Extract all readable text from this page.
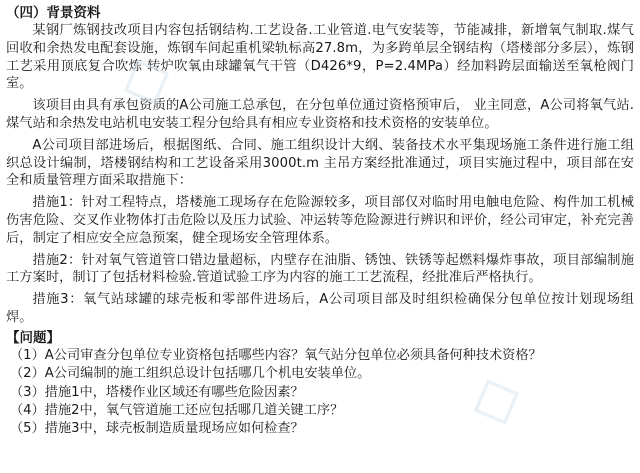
◇
◇
（四）背景资料

某钢厂炼钢技改项目内容包括钢结构.工艺设备.工业管道.电气安装等，节能减排，新增氧气制取.煤气回收和余热发电配套设施，炼钢车间起重机梁轨标高27.8m，为多跨单层全钢结构（塔楼部分多层），炼钢工艺采用顶底复合吹炼 转炉吹氧由球罐氧气干管（D426*9，P=2.4MPa）经加料跨层面输送至氧枪阀门室。

该项目由具有承包资质的A公司施工总承包，在分包单位通过资格预审后， 业主同意，A公司将氧气站.煤气站和余热发电站机电安装工程分包给具有相应专业资格和技术资格的安装单位。

A公司项目部进场后，根据图纸、合同、施工组织设计大纲、装备技术水平集现场施工条件进行施工组织总设计编制，塔楼钢结构和工艺设备采用3000t.m 主吊方案经批准通过，项目实施过程中，项目部在安全和质量管理方面采取措施下：

措施1：针对工程特点，塔楼施工现场存在危险源较多，项目部仅对临时用电触电危险、构件加工机械伤害危险、交叉作业物体打击危险以及压力试验、冲运转等危险源进行辨识和评价，经公司审定，补充完善后，制定了相应安全应急预案，健全现场安全管理体系。

措施2：针对氧气管道管口错边量超标，内壁存在油脂、锈蚀、铁锈等起燃料爆炸事故，项目部编制施工方案时，制订了包括材料检验.管道试验工序为内容的施工工艺流程，经批准后严格执行。

措施3：氧气站球罐的球壳板和零部件进场后，A公司项目部及时组织检确保分包单位按计划现场组焊。

【问题】
（1）A公司审查分包单位专业资格包括哪些内容？氧气站分包单位必须具备何种技术资格？
（2）A公司编制的施工组织总设计包括哪几个机电安装单位。
（3）措施1中，塔楼作业区域还有哪些危险因素？
（4）措施2中，氧气管道施工还应包括哪几道关键工序？
（5）措施3中，球壳板制造质量现场应如何检查？
